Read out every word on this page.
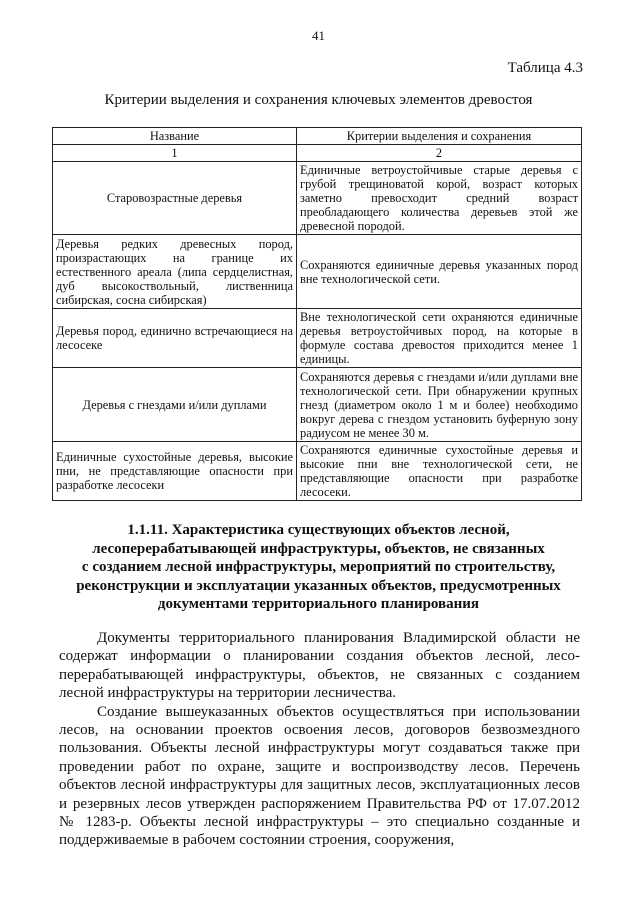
41
Таблица 4.3
Критерии выделения и сохранения ключевых элементов древостоя
Название	Критерии выделения и сохранения
1	2
Старовозрастные деревья	Единичные ветроустойчивые старые деревья с грубой трещиноватой корой, возраст которых заметно превосходит средний возраст преобладающего количества деревьев этой же древесной породой.
Деревья редких древесных пород, произрастающих на границе их естественного ареала (липа сердцелистная, дуб высокоствольный, лиственница сибирская, сосна сибирская)	Сохраняются единичные деревья указанных пород вне технологической сети.
Деревья пород, единично встречающиеся на лесосеке	Вне технологической сети охраняются единичные деревья ветроустойчивых пород, на которые в формуле состава древостоя приходится менее 1 единицы.
Деревья с гнездами и/или дуплами	Сохраняются деревья с гнездами и/или дуплами вне технологической сети. При обнаружении крупных гнезд (диаметром около 1 м и более) необходимо вокруг дерева с гнездом установить буферную зону радиусом не менее 30 м.
Единичные сухостойные деревья, высокие пни, не представляющие опасности при разработке лесосеки	Сохраняются единичные сухостойные деревья и высокие пни вне технологической сети, не представляющие опасности при разработке лесосеки.
1.1.11. Характеристика существующих объектов лесной,
лесоперерабатывающей инфраструктуры, объектов, не связанных
с созданием лесной инфраструктуры, мероприятий по строительству,
реконструкции и эксплуатации указанных объектов, предусмотренных
документами территориального планирования

Документы территориального планирования Владимирской области не содержат информации о планировании создания объектов лесной, лесо-перерабатывающей инфраструктуры, объектов, не связанных с созданием лесной инфраструктуры на территории лесничества.

Создание вышеуказанных объектов осуществляться при использовании лесов, на основании проектов освоения лесов, договоров безвозмездного пользования. Объекты лесной инфраструктуры могут создаваться также при проведении работ по охране, защите и воспроизводству лесов. Перечень объектов лесной инфраструктуры для защитных лесов, эксплуатационных лесов и резервных лесов утвержден распоряжением Правительства РФ от 17.07.2012 № 1283-р. Объекты лесной инфраструктуры – это специально созданные и поддерживаемые в рабочем состоянии строения, сооружения,
